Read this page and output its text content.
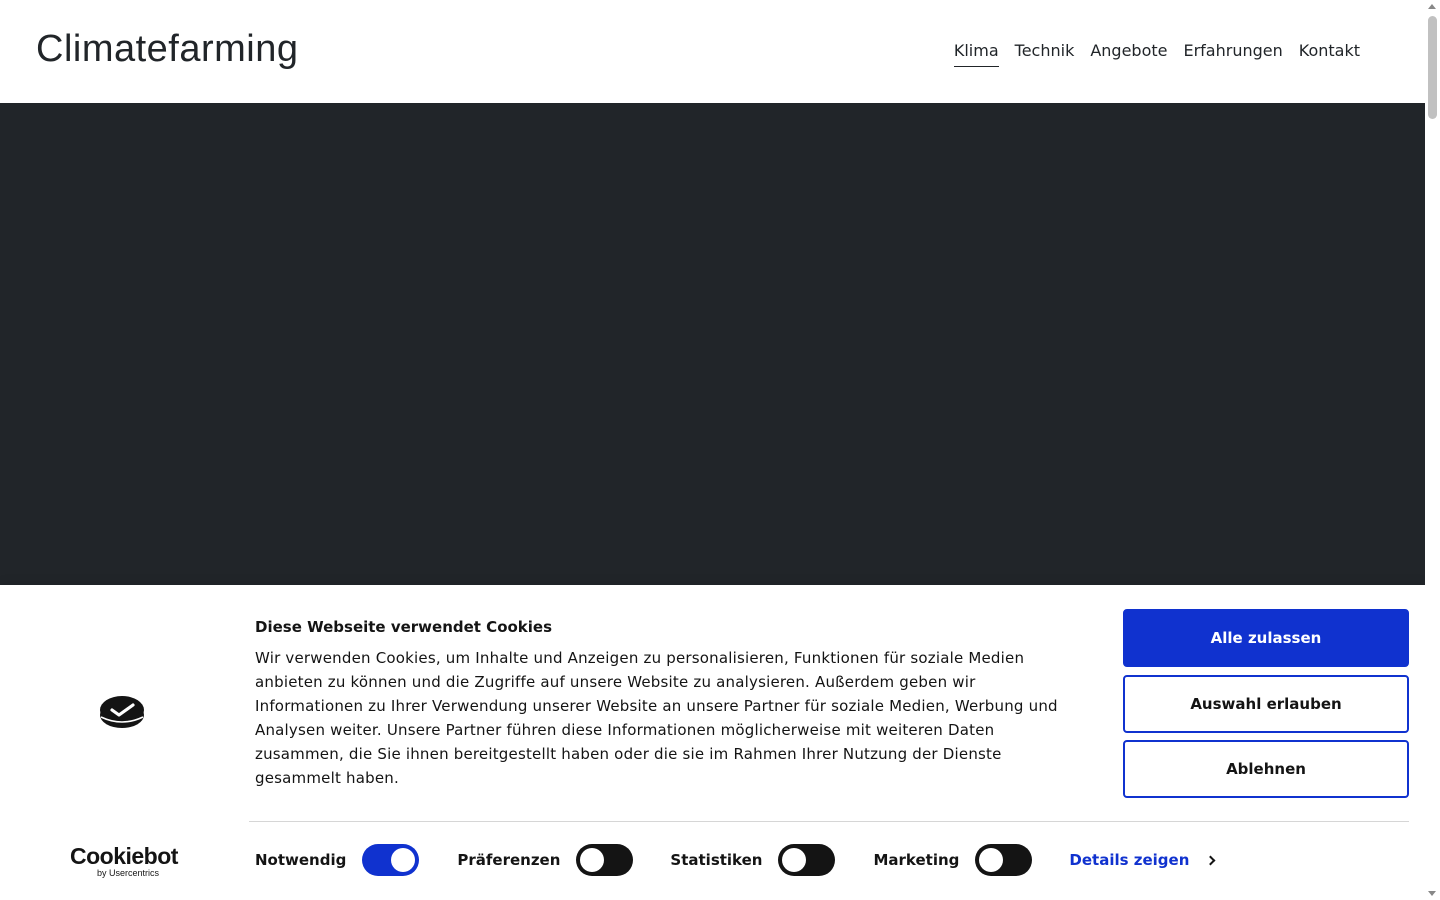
Climatefarming	Klima Technik Angebote Erfahrungen Kontakt
Diese Webseite verwendet Cookies

Wir verwenden Cookies, um Inhalte und Anzeigen zu personalisieren, Funktionen für soziale Medien anbieten zu können und die Zugriffe auf unsere Website zu analysieren. Außerdem geben wir Informationen zu Ihrer Verwendung unserer Website an unsere Partner für soziale Medien, Werbung und Analysen weiter. Unsere Partner führen diese Informationen möglicherweise mit weiteren Daten zusammen, die Sie ihnen bereitgestellt haben oder die sie im Rahmen Ihrer Nutzung der Dienste gesammelt haben.

Alle zulassen
Auswahl erlauben
Ablehnen
Cookiebot
by Usercentrics
Notwendig	Präferenzen	Statistiken	Marketing	Details zeigen
